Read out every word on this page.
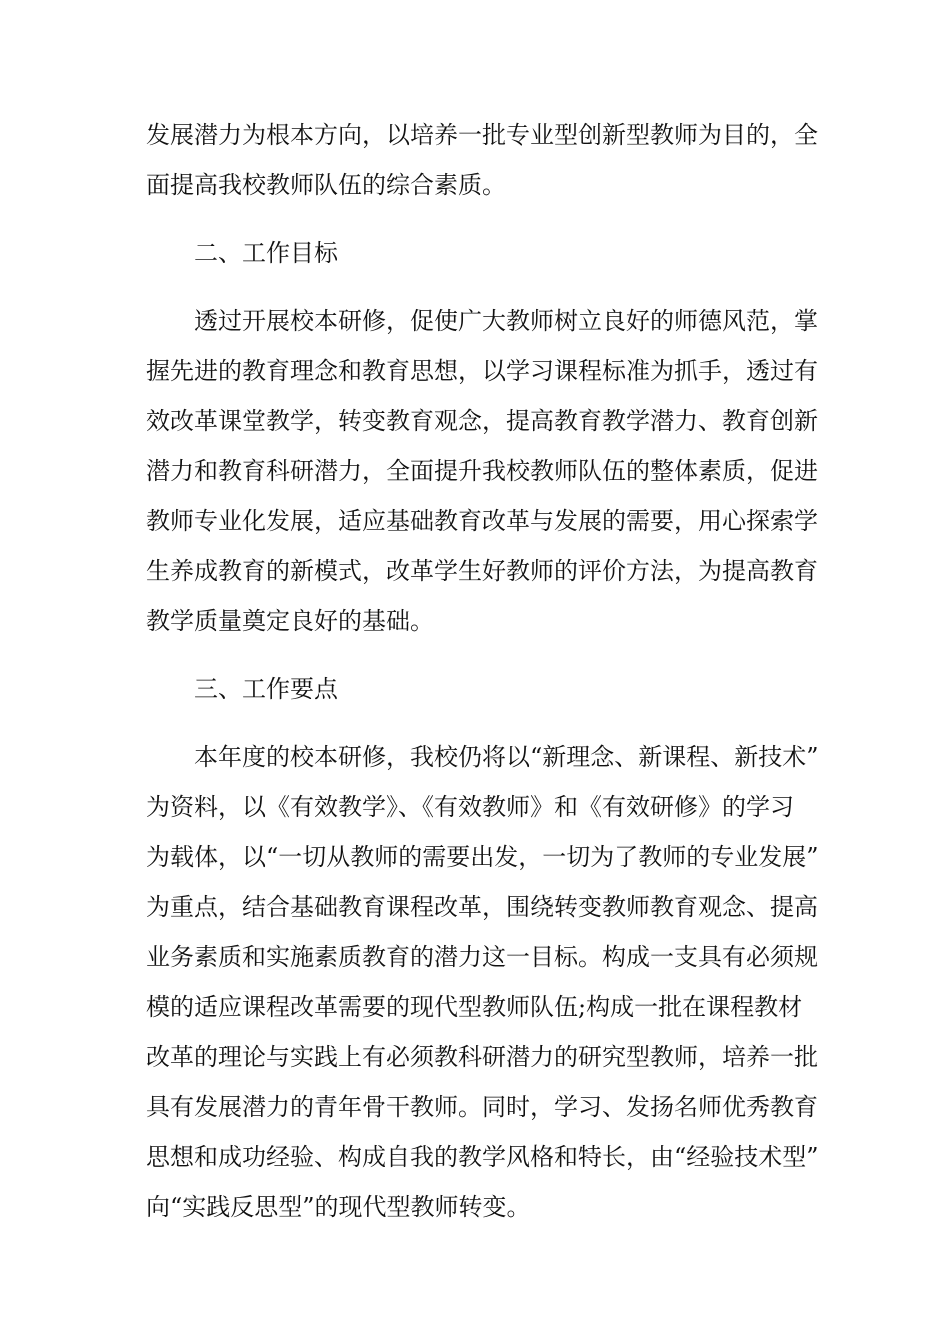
发展潜力为根本方向，以培养一批专业型创新型教师为目的，全
面提高我校教师队伍的综合素质。
二、工作目标
透过开展校本研修，促使广大教师树立良好的师德风范，掌
握先进的教育理念和教育思想，以学习课程标准为抓手，透过有
效改革课堂教学，转变教育观念，提高教育教学潜力、教育创新
潜力和教育科研潜力，全面提升我校教师队伍的整体素质，促进
教师专业化发展，适应基础教育改革与发展的需要，用心探索学
生养成教育的新模式，改革学生好教师的评价方法，为提高教育
教学质量奠定良好的基础。
三、工作要点
本年度的校本研修，我校仍将以“新理念、新课程、新技术”
为资料，以《有效教学》、《有效教师》和《有效研修》的学习
为载体，以“一切从教师的需要出发，一切为了教师的专业发展”
为重点，结合基础教育课程改革，围绕转变教师教育观念、提高
业务素质和实施素质教育的潜力这一目标。构成一支具有必须规
模的适应课程改革需要的现代型教师队伍;构成一批在课程教材
改革的理论与实践上有必须教科研潜力的研究型教师，培养一批
具有发展潜力的青年骨干教师。同时，学习、发扬名师优秀教育
思想和成功经验、构成自我的教学风格和特长，由“经验技术型”
向“实践反思型”的现代型教师转变。
